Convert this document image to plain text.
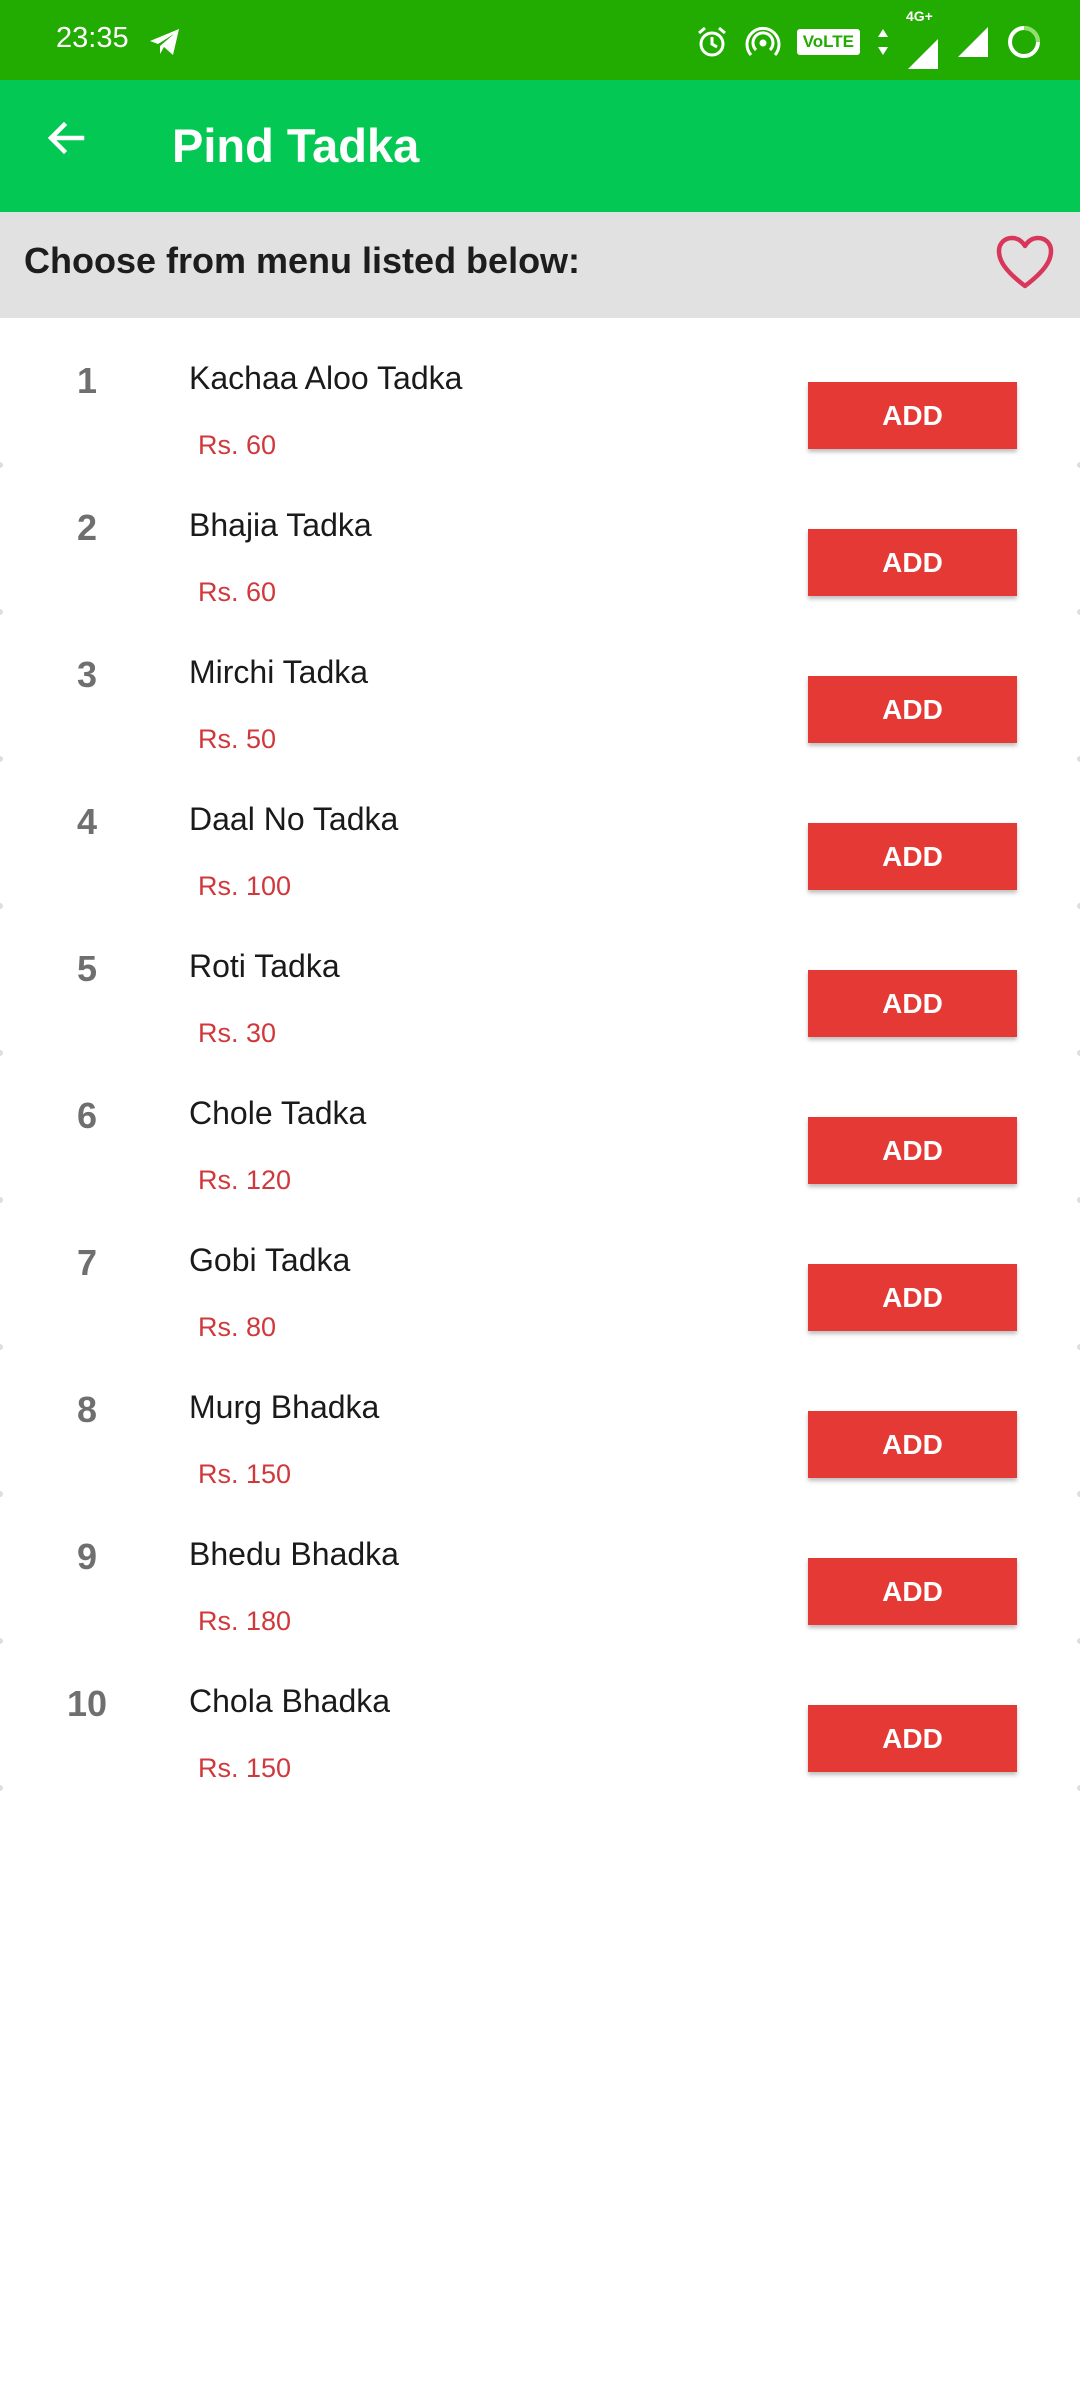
23:35	VoLTE
4G+
Pind Tadka
Choose from menu listed below:
1	Kachaa Aloo Tadka
Rs. 60
ADD
2	Bhajia Tadka
Rs. 60
ADD
3	Mirchi Tadka
Rs. 50
ADD
4	Daal No Tadka
Rs. 100
ADD
5	Roti Tadka
Rs. 30
ADD
6	Chole Tadka
Rs. 120
ADD
7	Gobi Tadka
Rs. 80
ADD
8	Murg Bhadka
Rs. 150
ADD
9	Bhedu Bhadka
Rs. 180
ADD
10	Chola Bhadka
Rs. 150
ADD
